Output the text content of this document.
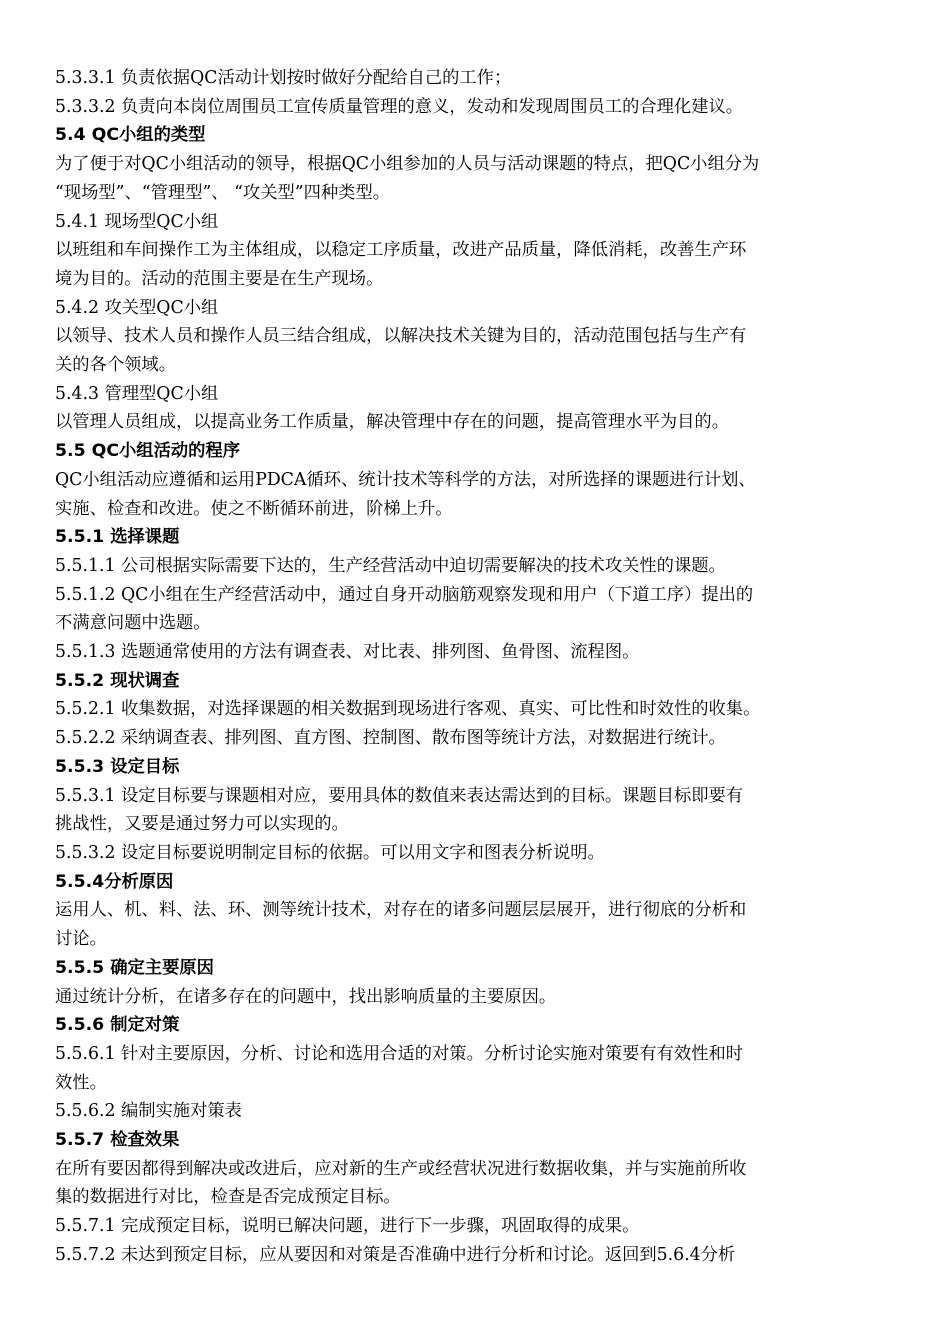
5.3.3.1 负责依据QC活动计划按时做好分配给自己的工作；
5.3.3.2 负责向本岗位周围员工宣传质量管理的意义，发动和发现周围员工的合理化建议。
5.4 QC小组的类型
为了便于对QC小组活动的领导，根据QC小组参加的人员与活动课题的特点，把QC小组分为
“现场型”、“管理型”、 “攻关型”四种类型。
5.4.1 现场型QC小组
以班组和车间操作工为主体组成，以稳定工序质量，改进产品质量，降低消耗，改善生产环
境为目的。活动的范围主要是在生产现场。
5.4.2 攻关型QC小组
以领导、技术人员和操作人员三结合组成，以解决技术关键为目的，活动范围包括与生产有
关的各个领域。
5.4.3 管理型QC小组
以管理人员组成，以提高业务工作质量，解决管理中存在的问题，提高管理水平为目的。
5.5 QC小组活动的程序
QC小组活动应遵循和运用PDCA循环、统计技术等科学的方法，对所选择的课题进行计划、
实施、检查和改进。使之不断循环前进，阶梯上升。
5.5.1 选择课题
5.5.1.1 公司根据实际需要下达的，生产经营活动中迫切需要解决的技术攻关性的课题。
5.5.1.2 QC小组在生产经营活动中，通过自身开动脑筋观察发现和用户（下道工序）提出的
不满意问题中选题。
5.5.1.3 选题通常使用的方法有调查表、对比表、排列图、鱼骨图、流程图。
5.5.2 现状调查
5.5.2.1 收集数据，对选择课题的相关数据到现场进行客观、真实、可比性和时效性的收集。
5.5.2.2 采纳调查表、排列图、直方图、控制图、散布图等统计方法，对数据进行统计。
5.5.3 设定目标
5.5.3.1 设定目标要与课题相对应，要用具体的数值来表达需达到的目标。课题目标即要有
挑战性，又要是通过努力可以实现的。
5.5.3.2 设定目标要说明制定目标的依据。可以用文字和图表分析说明。
5.5.4分析原因
运用人、机、料、法、环、测等统计技术，对存在的诸多问题层层展开，进行彻底的分析和
讨论。
5.5.5 确定主要原因
通过统计分析，在诸多存在的问题中，找出影响质量的主要原因。
5.5.6 制定对策
5.5.6.1 针对主要原因，分析、讨论和选用合适的对策。分析讨论实施对策要有有效性和时
效性。
5.5.6.2 编制实施对策表
5.5.7 检查效果
在所有要因都得到解决或改进后，应对新的生产或经营状况进行数据收集，并与实施前所收
集的数据进行对比，检查是否完成预定目标。
5.5.7.1 完成预定目标，说明已解决问题，进行下一步骤，巩固取得的成果。
5.5.7.2 未达到预定目标，应从要因和对策是否准确中进行分析和讨论。返回到5.6.4分析
